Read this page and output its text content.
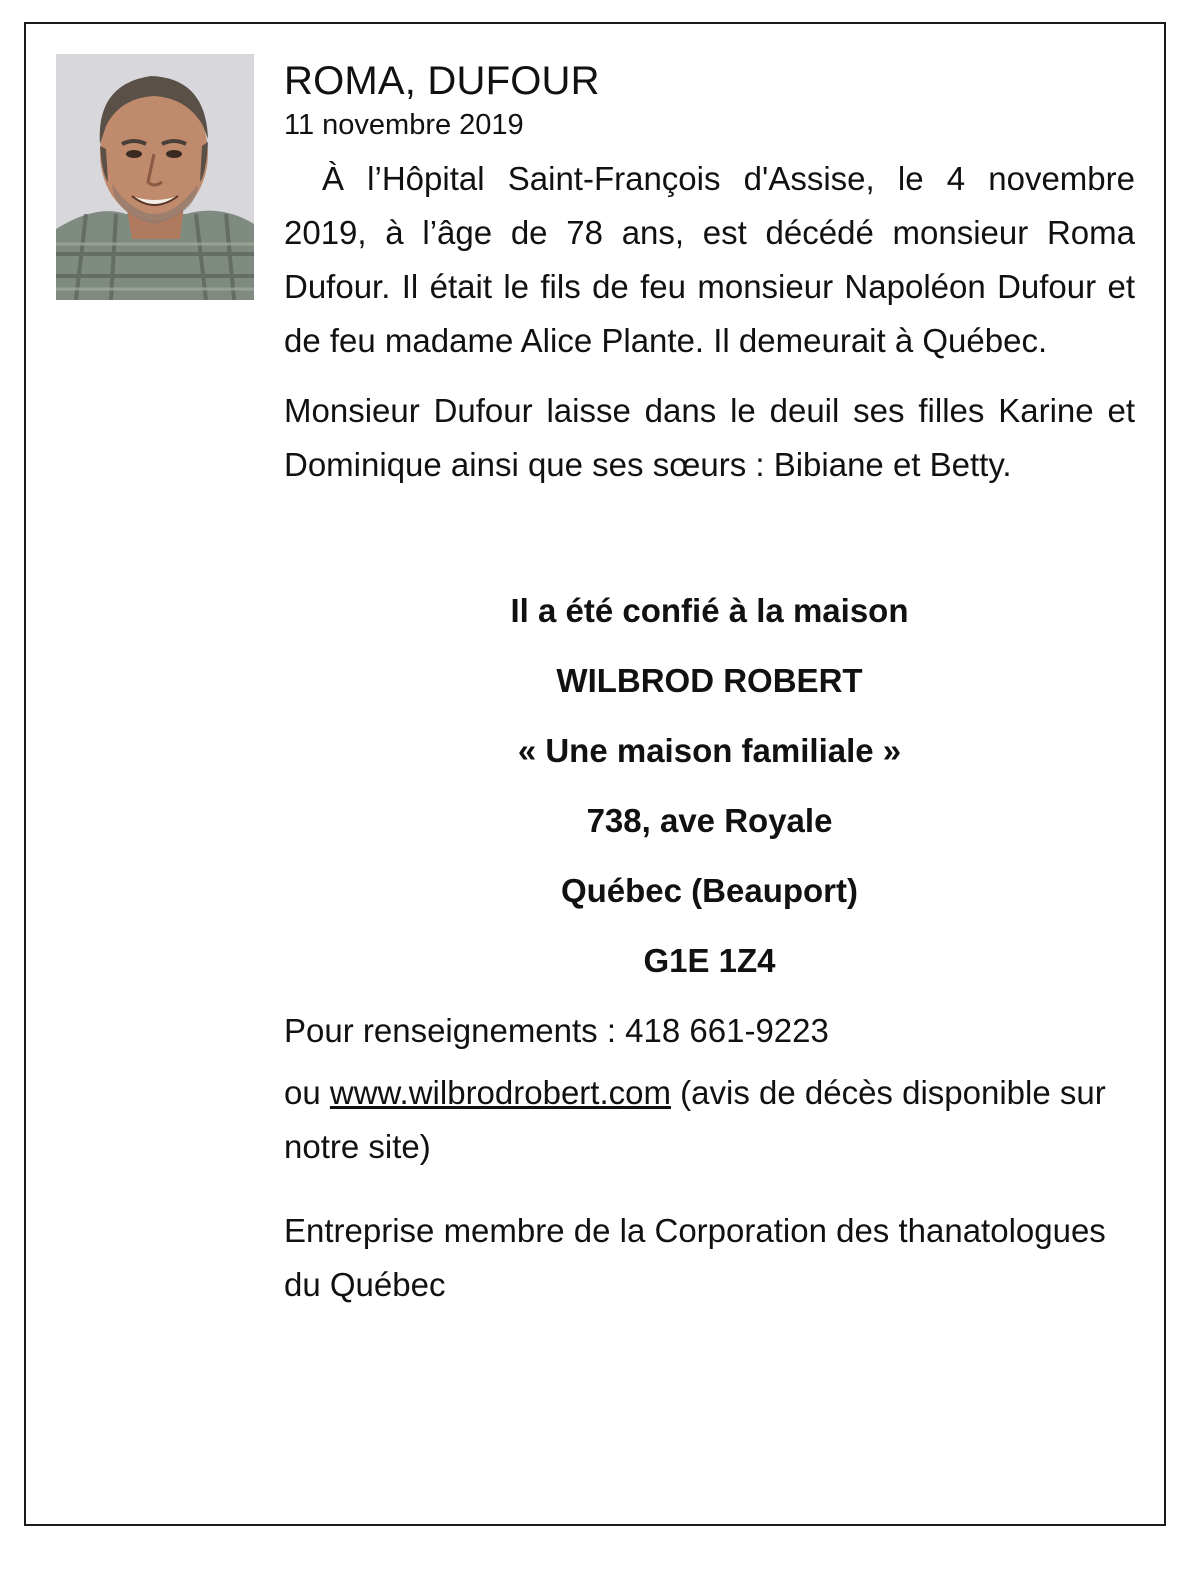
ROMA, DUFOUR
11 novembre 2019

À l’Hôpital Saint-François d'Assise, le 4 novembre 2019, à l’âge de 78 ans, est décédé monsieur Roma Dufour. Il était le fils de feu monsieur Napoléon Dufour et de feu madame Alice Plante. Il demeurait à Québec.

Monsieur Dufour laisse dans le deuil ses filles Karine et Dominique ainsi que ses sœurs : Bibiane et Betty.

Il a été confié à la maison
WILBROD ROBERT
« Une maison familiale »
738, ave Royale
Québec (Beauport)
G1E 1Z4

Pour renseignements : 418 661-9223

ou www.wilbrodrobert.com (avis de décès disponible sur notre site)

Entreprise membre de la Corporation des thanatologues du Québec
